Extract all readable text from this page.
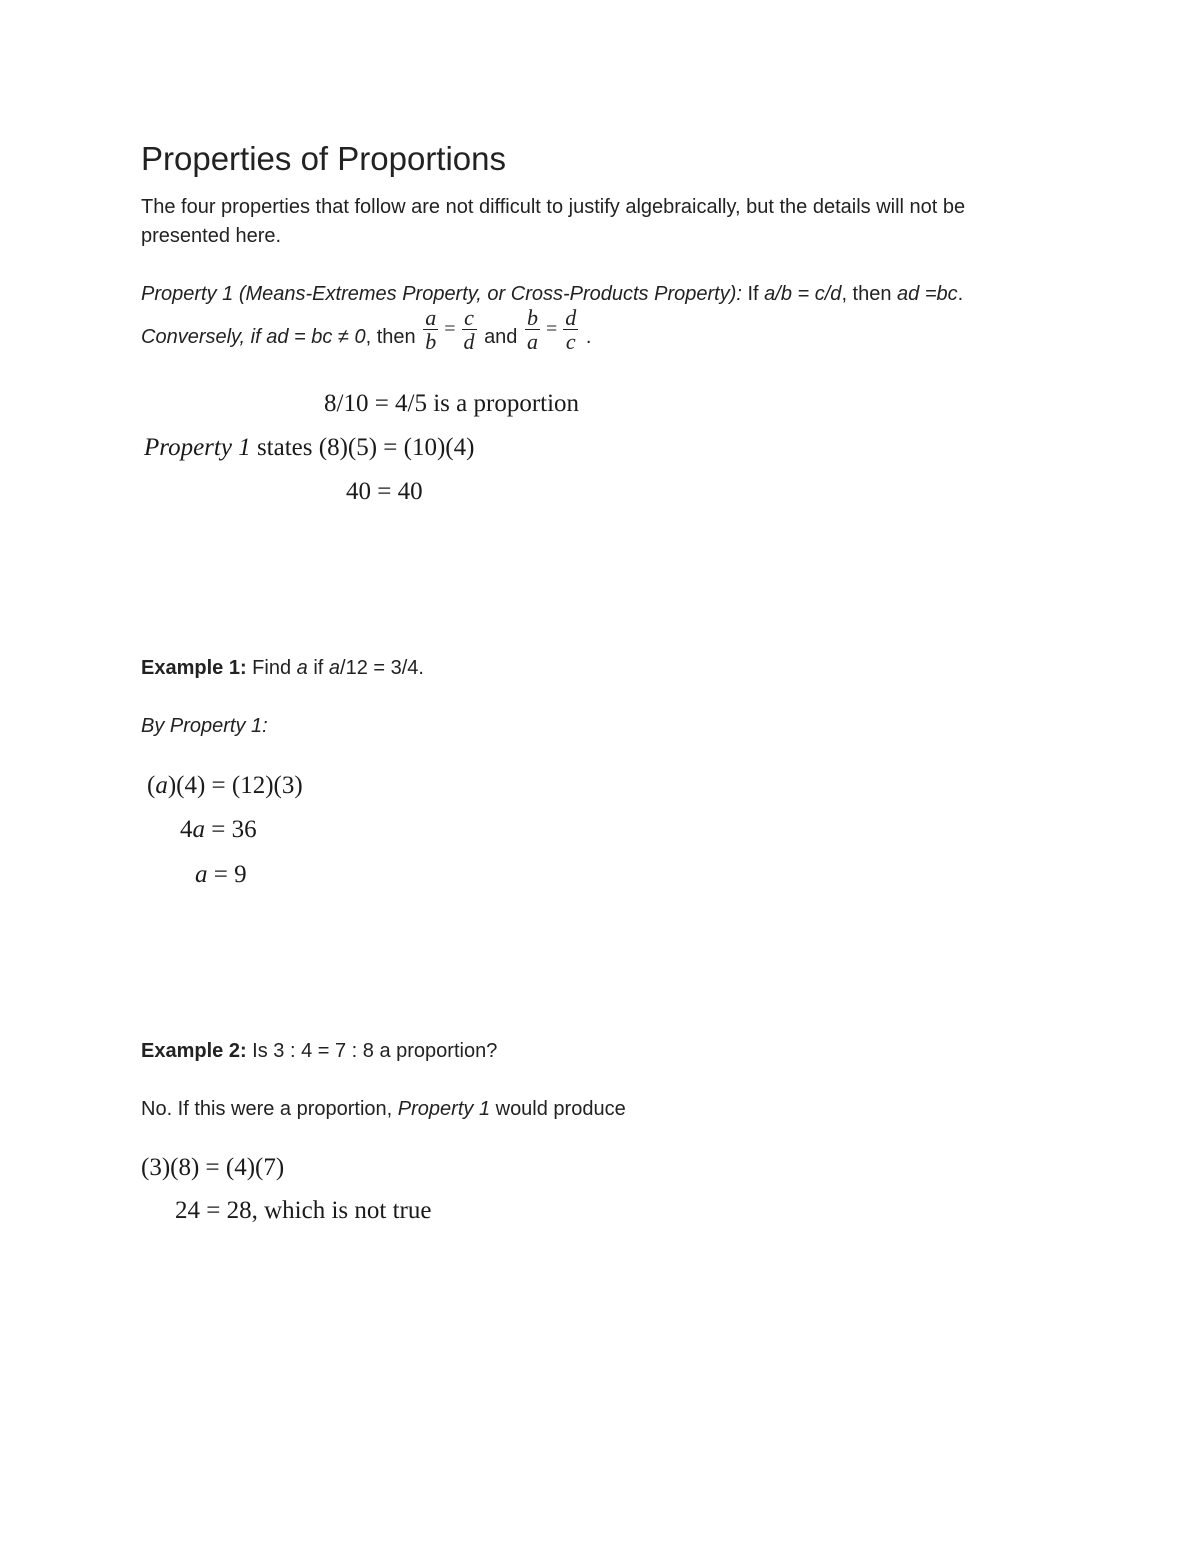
Properties of Proportions
The four properties that follow are not difficult to justify algebraically, but the details will not be
presented here.
Property 1 (Means-Extremes Property, or Cross-Products Property): If a/b = c/d, then ad =bc.
Conversely, if ad = bc ≠ 0, then $\frac{a}{b} = \frac{c}{d}$ and $\frac{b}{a} = \frac{d}{c}$ .
8/10 = 4/5 is a proportion
Property 1 states (8)(5) = (10)(4)
40 = 40
Example 1: Find a if a/12 = 3/4.
By Property 1:
(a)(4) = (12)(3)
4a = 36
a = 9
Example 2: Is 3 : 4 = 7 : 8 a proportion?
No. If this were a proportion, Property 1 would produce
(3)(8) = (4)(7)
24 = 28, which is not true
